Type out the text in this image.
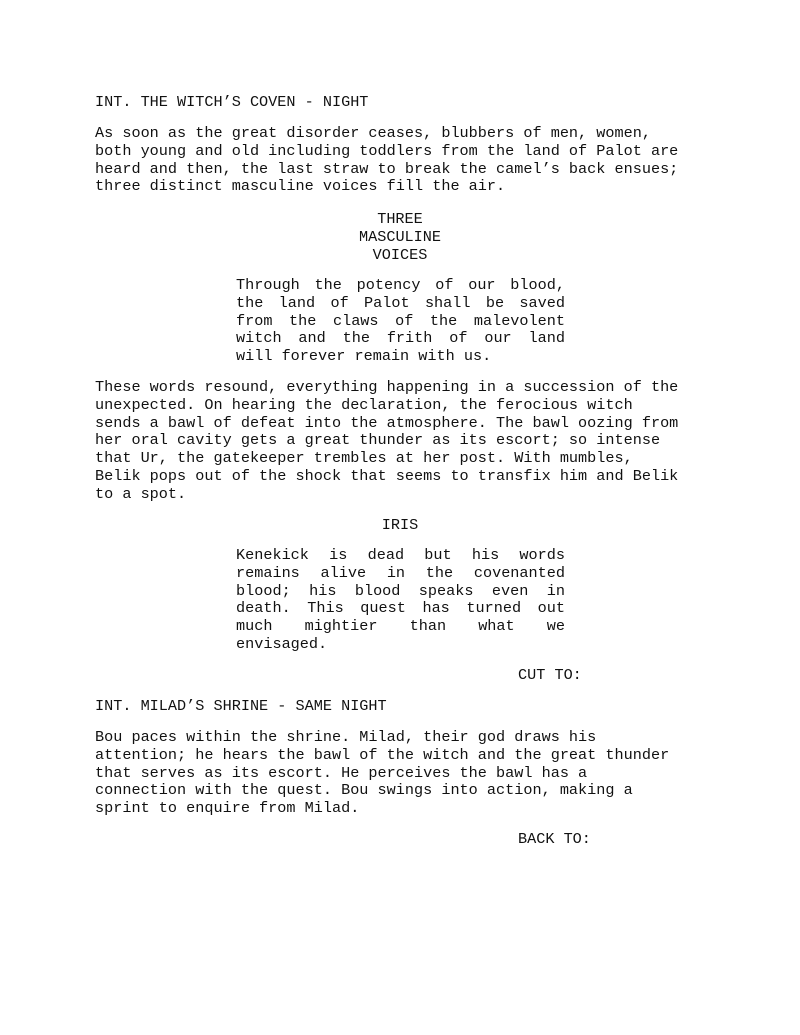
INT. THE WITCH’S COVEN - NIGHT
As soon as the great disorder ceases, blubbers of men, women,
both young and old including toddlers from the land of Palot are
heard and then, the last straw to break the camel’s back ensues;
three distinct masculine voices fill the air.
THREE
MASCULINE
VOICES
Through the potency of our blood,
the land of Palot shall be saved
from the claws of the malevolent
witch and the frith of our land
will forever remain with us.
These words resound, everything happening in a succession of the
unexpected. On hearing the declaration, the ferocious witch
sends a bawl of defeat into the atmosphere. The bawl oozing from
her oral cavity gets a great thunder as its escort; so intense
that Ur, the gatekeeper trembles at her post. With mumbles,
Belik pops out of the shock that seems to transfix him and Belik
to a spot.
IRIS
Kenekick is dead but his words
remains alive in the covenanted
blood; his blood speaks even in
death. This quest has turned out
much mightier than what we
envisaged.
CUT TO:
INT. MILAD’S SHRINE - SAME NIGHT
Bou paces within the shrine. Milad, their god draws his
attention; he hears the bawl of the witch and the great thunder
that serves as its escort. He perceives the bawl has a
connection with the quest. Bou swings into action, making a
sprint to enquire from Milad.
BACK TO:
